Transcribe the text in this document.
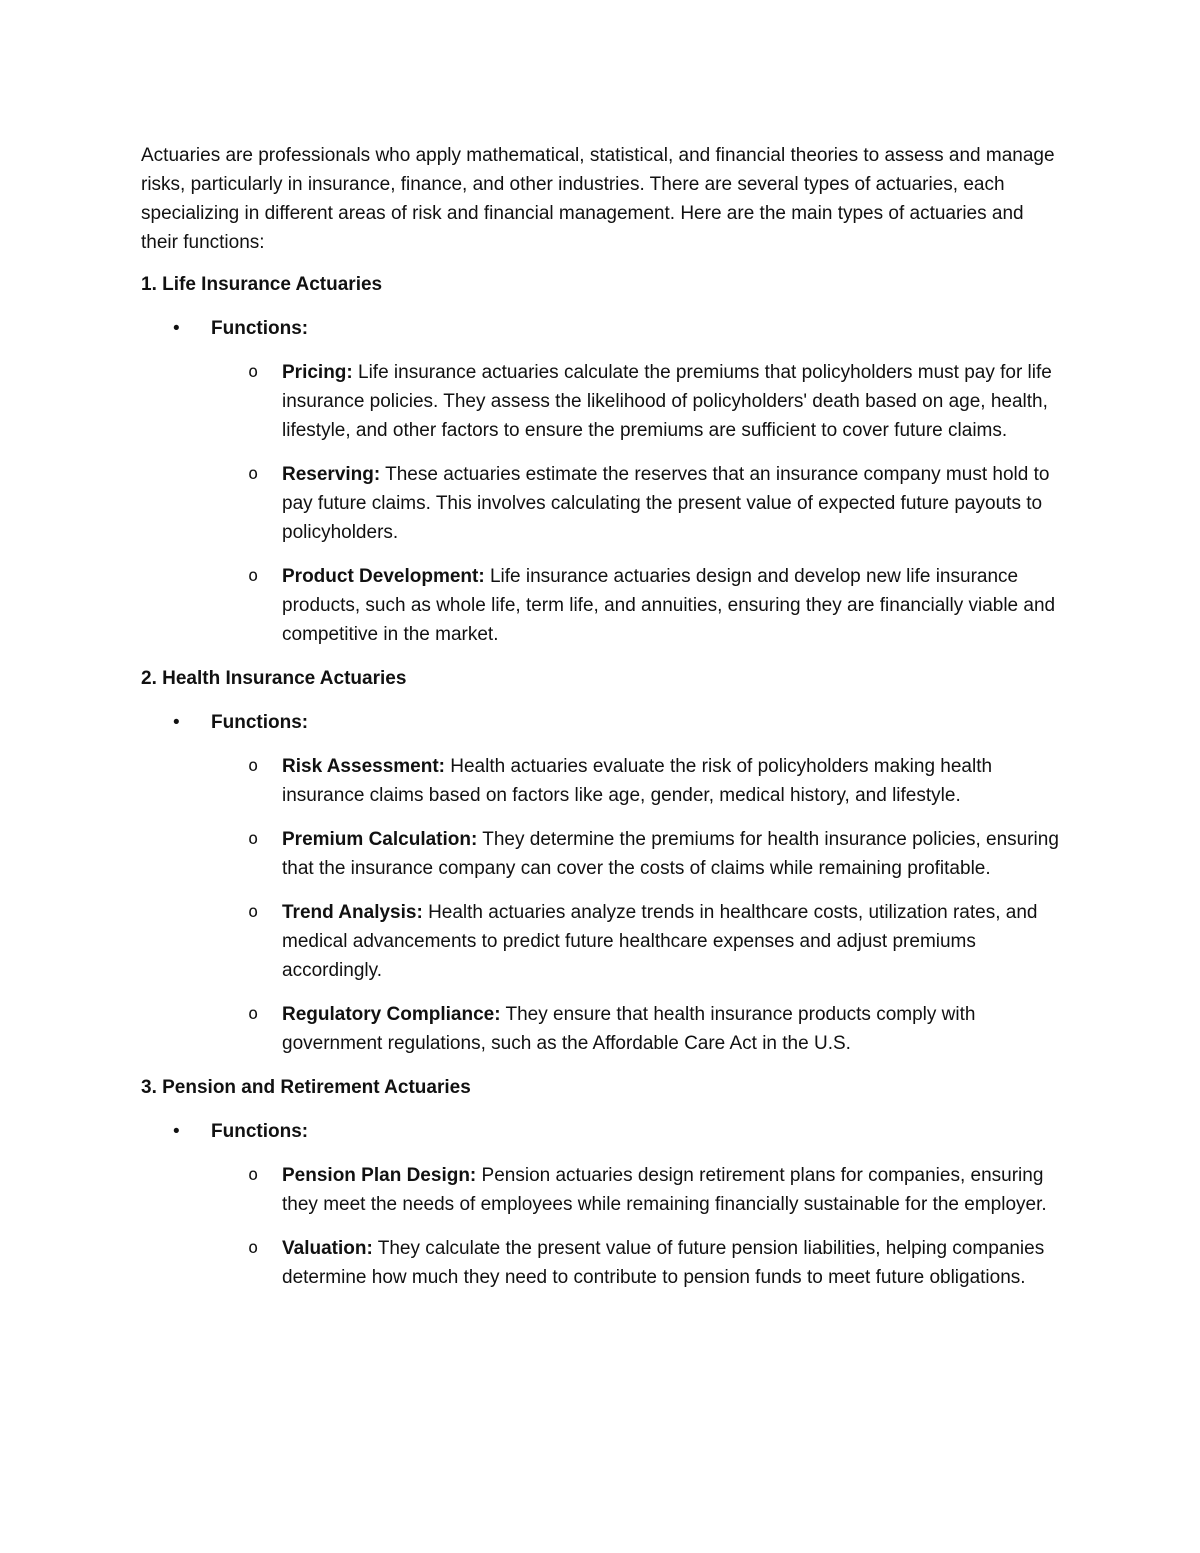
Actuaries are professionals who apply mathematical, statistical, and financial theories to assess and manage risks, particularly in insurance, finance, and other industries. There are several types of actuaries, each specializing in different areas of risk and financial management. Here are the main types of actuaries and their functions:

1. Life Insurance Actuaries

• Functions:
o Pricing: Life insurance actuaries calculate the premiums that policyholders must pay for life insurance policies. They assess the likelihood of policyholders' death based on age, health, lifestyle, and other factors to ensure the premiums are sufficient to cover future claims.
o Reserving: These actuaries estimate the reserves that an insurance company must hold to pay future claims. This involves calculating the present value of expected future payouts to policyholders.
o Product Development: Life insurance actuaries design and develop new life insurance products, such as whole life, term life, and annuities, ensuring they are financially viable and competitive in the market.

2. Health Insurance Actuaries

• Functions:
o Risk Assessment: Health actuaries evaluate the risk of policyholders making health insurance claims based on factors like age, gender, medical history, and lifestyle.
o Premium Calculation: They determine the premiums for health insurance policies, ensuring that the insurance company can cover the costs of claims while remaining profitable.
o Trend Analysis: Health actuaries analyze trends in healthcare costs, utilization rates, and medical advancements to predict future healthcare expenses and adjust premiums accordingly.
o Regulatory Compliance: They ensure that health insurance products comply with government regulations, such as the Affordable Care Act in the U.S.

3. Pension and Retirement Actuaries

• Functions:
o Pension Plan Design: Pension actuaries design retirement plans for companies, ensuring they meet the needs of employees while remaining financially sustainable for the employer.
o Valuation: They calculate the present value of future pension liabilities, helping companies determine how much they need to contribute to pension funds to meet future obligations.
